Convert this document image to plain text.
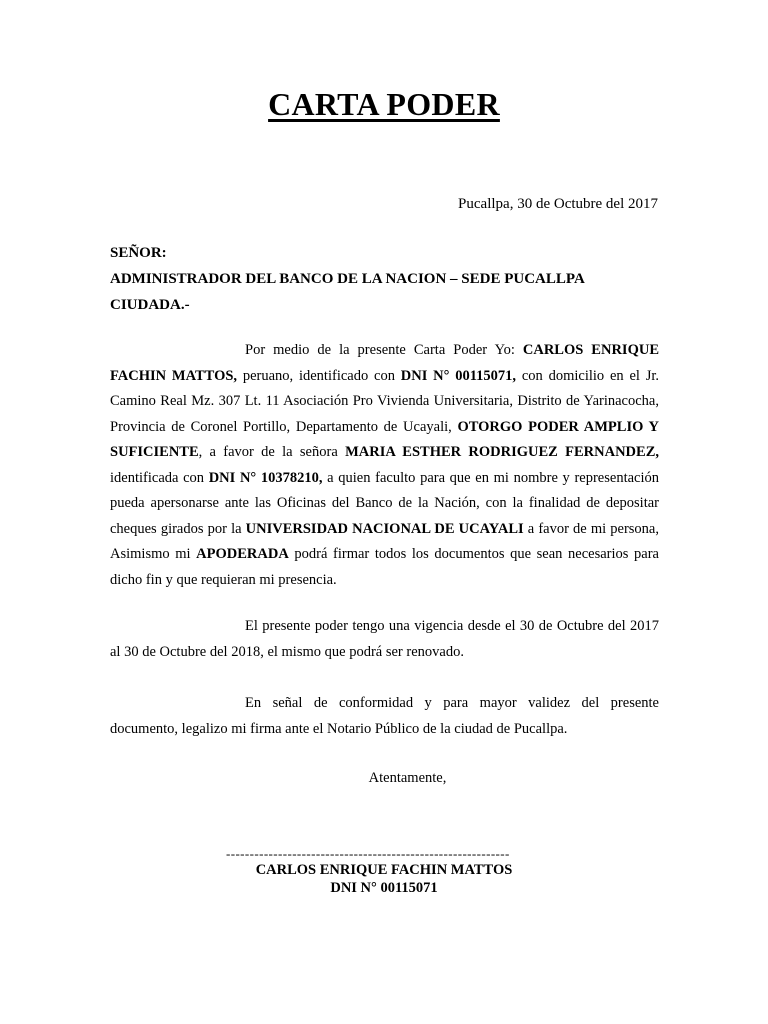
CARTA PODER
Pucallpa, 30 de Octubre del 2017
SEÑOR:
ADMINISTRADOR DEL BANCO DE LA NACION – SEDE PUCALLPA
CIUDADA.-

Por medio de la presente Carta Poder Yo: CARLOS ENRIQUE FACHIN MATTOS, peruano, identificado con DNI N° 00115071, con domicilio en el Jr. Camino Real Mz. 307 Lt. 11 Asociación Pro Vivienda Universitaria, Distrito de Yarinacocha, Provincia de Coronel Portillo, Departamento de Ucayali, OTORGO PODER AMPLIO Y SUFICIENTE, a favor de la señora MARIA ESTHER RODRIGUEZ FERNANDEZ, identificada con DNI N° 10378210, a quien faculto para que en mi nombre y representación pueda apersonarse ante las Oficinas del Banco de la Nación, con la finalidad de depositar cheques girados por la UNIVERSIDAD NACIONAL DE UCAYALI a favor de mi persona, Asimismo mi APODERADA podrá firmar todos los documentos que sean necesarios para dicho fin y que requieran mi presencia.

El presente poder tengo una vigencia desde el 30 de Octubre del 2017 al 30 de Octubre del 2018, el mismo que podrá ser renovado.

En señal de conformidad y para mayor validez del presente documento, legalizo mi firma ante el Notario Público de la ciudad de Pucallpa.

Atentamente,
------------------------------------------------------------
CARLOS ENRIQUE FACHIN MATTOS
DNI N° 00115071
